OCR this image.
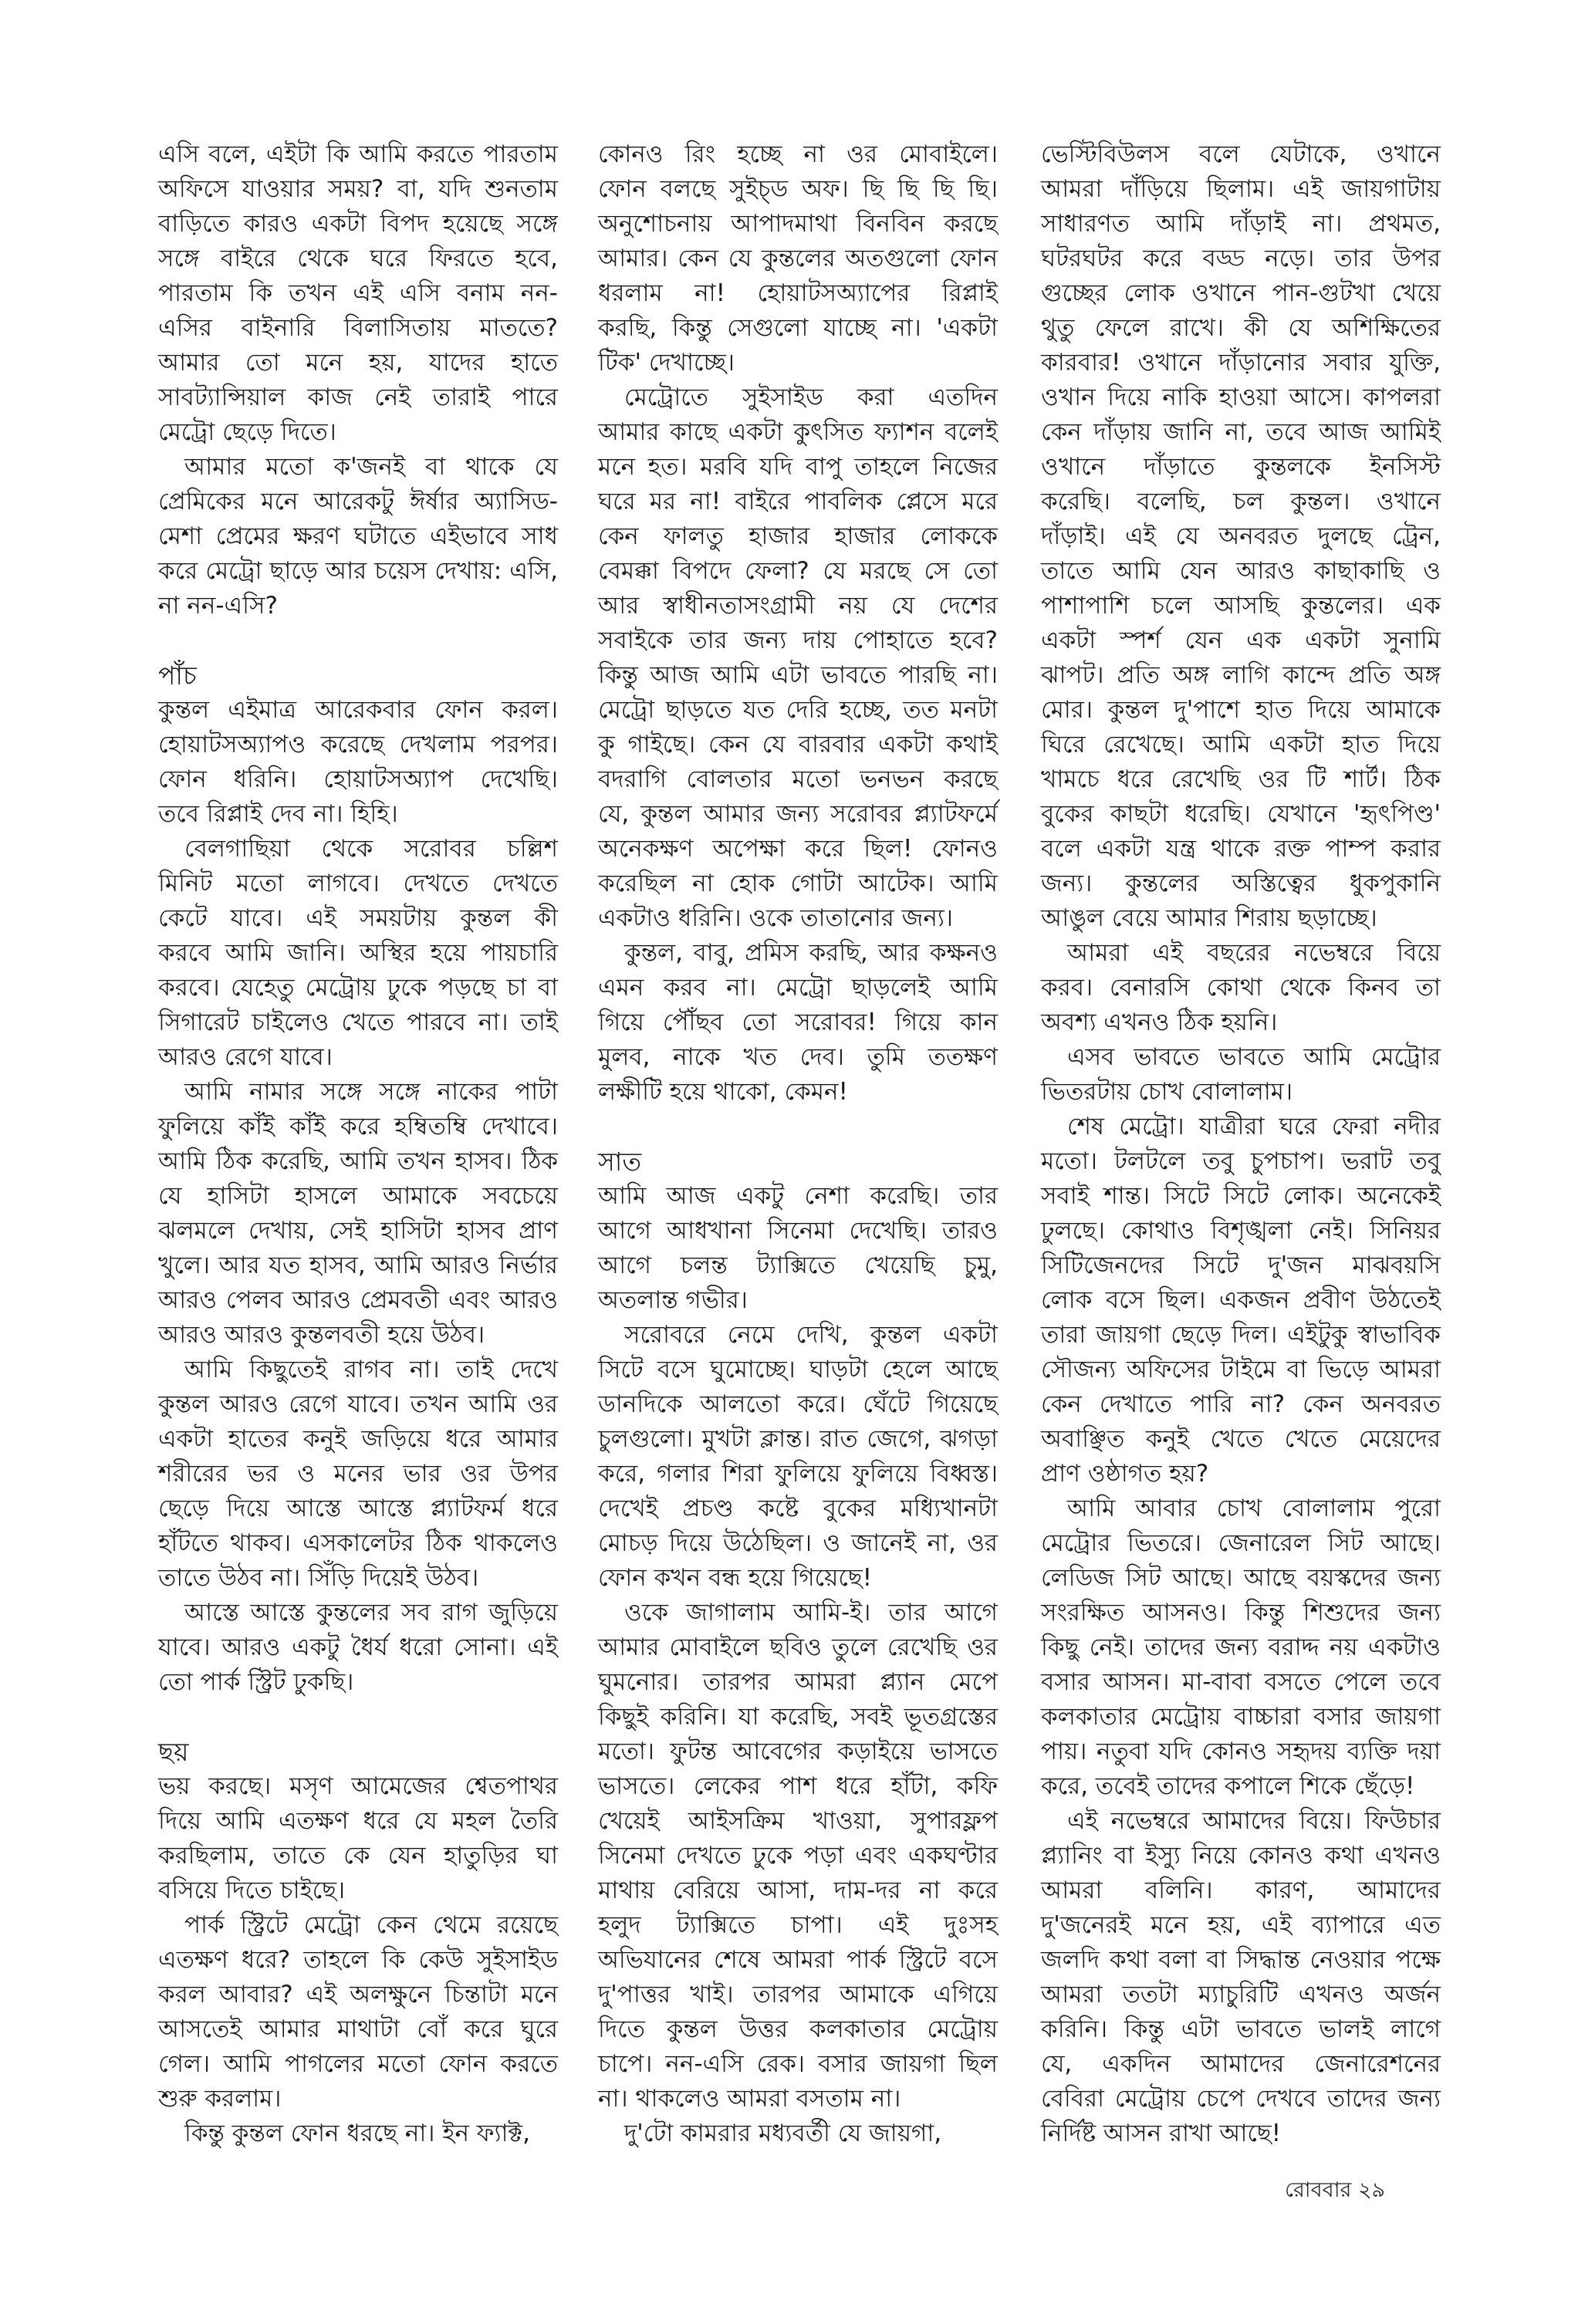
এসি বলে, এইটা কি আমি করতে পারতাম
অফিসে যাওয়ার সময়? বা, যদি শুনতাম
বাড়িতে কারও একটা বিপদ হয়েছে সঙ্গে
সঙ্গে বাইরে থেকে ঘরে ফিরতে হবে,
পারতাম কি তখন এই এসি বনাম নন-
এসির বাইনারি বিলাসিতায় মাততে?
আমার তো মনে হয়, যাদের হাতে
সাবট্যান্সিয়াল কাজ নেই তারাই পারে
মেট্রো ছেড়ে দিতে।
আমার মতো ক'জনই বা থাকে যে
প্রেমিকের মনে আরেকটু ঈর্ষার অ্যাসিড-
মেশা প্রেমের ক্ষরণ ঘটাতে এইভাবে সাধ
করে মেট্রো ছাড়ে আর চয়েস দেখায়: এসি,
না নন-এসি?
পাঁচ
কুন্তল এইমাত্র আরেকবার ফোন করল।
হোয়াটসঅ্যাপও করেছে দেখলাম পরপর।
ফোন ধরিনি। হোয়াটসঅ্যাপ দেখেছি।
তবে রিপ্লাই দেব না। হিহি।
বেলগাছিয়া থেকে সরোবর চল্লিশ
মিনিট মতো লাগবে। দেখতে দেখতে
কেটে যাবে। এই সময়টায় কুন্তল কী
করবে আমি জানি। অস্থির হয়ে পায়চারি
করবে। যেহেতু মেট্রোয় ঢুকে পড়ছে চা বা
সিগারেট চাইলেও খেতে পারবে না। তাই
আরও রেগে যাবে।
আমি নামার সঙ্গে সঙ্গে নাকের পাটা
ফুলিয়ে কাঁই কাঁই করে হম্বিতম্বি দেখাবে।
আমি ঠিক করেছি, আমি তখন হাসব। ঠিক
যে হাসিটা হাসলে আমাকে সবচেয়ে
ঝলমলে দেখায়, সেই হাসিটা হাসব প্রাণ
খুলে। আর যত হাসব, আমি আরও নির্ভার
আরও পেলব আরও প্রেমবতী এবং আরও
আরও আরও কুন্তলবতী হয়ে উঠব।
আমি কিছুতেই রাগব না। তাই দেখে
কুন্তল আরও রেগে যাবে। তখন আমি ওর
একটা হাতের কনুই জড়িয়ে ধরে আমার
শরীরের ভর ও মনের ভার ওর উপর
ছেড়ে দিয়ে আস্তে আস্তে প্ল্যাটফর্ম ধরে
হাঁটতে থাকব। এসকালেটর ঠিক থাকলেও
তাতে উঠব না। সিঁড়ি দিয়েই উঠব।
আস্তে আস্তে কুন্তলের সব রাগ জুড়িয়ে
যাবে। আরও একটু ধৈর্য ধরো সোনা। এই
তো পার্ক স্ট্রিট ঢুকছি।
ছয়
ভয় করছে। মসৃণ আমেজের শ্বেতপাথর
দিয়ে আমি এতক্ষণ ধরে যে মহল তৈরি
করছিলাম, তাতে কে যেন হাতুড়ির ঘা
বসিয়ে দিতে চাইছে।
পার্ক স্ট্রিটে মেট্রো কেন থেমে রয়েছে
এতক্ষণ ধরে? তাহলে কি কেউ সুইসাইড
করল আবার? এই অলক্ষুনে চিন্তাটা মনে
আসতেই আমার মাথাটা বোঁ করে ঘুরে
গেল। আমি পাগলের মতো ফোন করতে
শুরু করলাম।
কিন্তু কুন্তল ফোন ধরছে না। ইন ফ্যাক্ট,
কোনও রিং হচ্ছে না ওর মোবাইলে।
ফোন বলছে সুইচ্ড অফ। ছি ছি ছি ছি।
অনুশোচনায় আপাদমাথা বিনবিন করছে
আমার। কেন যে কুন্তলের অতগুলো ফোন
ধরলাম না! হোয়াটসঅ্যাপের রিপ্লাই
করছি, কিন্তু সেগুলো যাচ্ছে না। 'একটা
টিক' দেখাচ্ছে।
মেট্রোতে সুইসাইড করা এতদিন
আমার কাছে একটা কুৎসিত ফ্যাশন বলেই
মনে হত। মরবি যদি বাপু তাহলে নিজের
ঘরে মর না! বাইরে পাবলিক প্লেসে মরে
কেন ফালতু হাজার হাজার লোককে
বেমক্কা বিপদে ফেলা? যে মরছে সে তো
আর স্বাধীনতাসংগ্রামী নয় যে দেশের
সবাইকে তার জন্য দায় পোহাতে হবে?
কিন্তু আজ আমি এটা ভাবতে পারছি না।
মেট্রো ছাড়তে যত দেরি হচ্ছে, তত মনটা
কু গাইছে। কেন যে বারবার একটা কথাই
বদরাগি বোলতার মতো ভনভন করছে
যে, কুন্তল আমার জন্য সরোবর প্ল্যাটফর্মে
অনেকক্ষণ অপেক্ষা করে ছিল! ফোনও
করেছিল না হোক গোটা আটেক। আমি
একটাও ধরিনি। ওকে তাতানোর জন্য।
কুন্তল, বাবু, প্রমিস করছি, আর কক্ষনও
এমন করব না। মেট্রো ছাড়লেই আমি
গিয়ে পৌঁছব তো সরোবর! গিয়ে কান
মুলব, নাকে খত দেব। তুমি ততক্ষণ
লক্ষীটি হয়ে থাকো, কেমন!
সাত
আমি আজ একটু নেশা করেছি। তার
আগে আধখানা সিনেমা দেখেছি। তারও
আগে চলন্ত ট্যাক্সিতে খেয়েছি চুমু,
অতলান্ত গভীর।
সরোবরে নেমে দেখি, কুন্তল একটা
সিটে বসে ঘুমোচ্ছে। ঘাড়টা হেলে আছে
ডানদিকে আলতো করে। ঘেঁটে গিয়েছে
চুলগুলো। মুখটা ক্লান্ত। রাত জেগে, ঝগড়া
করে, গলার শিরা ফুলিয়ে ফুলিয়ে বিধ্বস্ত।
দেখেই প্রচণ্ড কষ্টে বুকের মধ্যিখানটা
মোচড় দিয়ে উঠেছিল। ও জানেই না, ওর
ফোন কখন বন্ধ হয়ে গিয়েছে!
ওকে জাগালাম আমি-ই। তার আগে
আমার মোবাইলে ছবিও তুলে রেখেছি ওর
ঘুমনোর। তারপর আমরা প্ল্যান মেপে
কিছুই করিনি। যা করেছি, সবই ভূতগ্রস্তের
মতো। ফুটন্ত আবেগের কড়াইয়ে ভাসতে
ভাসতে। লেকের পাশ ধরে হাঁটা, কফি
খেয়েই আইসক্রিম খাওয়া, সুপারফ্লপ
সিনেমা দেখতে ঢুকে পড়া এবং একঘণ্টার
মাথায় বেরিয়ে আসা, দাম-দর না করে
হলুদ ট্যাক্সিতে চাপা। এই দুঃসহ
অভিযানের শেষে আমরা পার্ক স্ট্রিটে বসে
দু'পাত্তর খাই। তারপর আমাকে এগিয়ে
দিতে কুন্তল উত্তর কলকাতার মেট্রোয়
চাপে। নন-এসি রেক। বসার জায়গা ছিল
না। থাকলেও আমরা বসতাম না।
দু'টো কামরার মধ্যবর্তী যে জায়গা,
ভেস্টিবিউলস বলে যেটাকে, ওখানে
আমরা দাঁড়িয়ে ছিলাম। এই জায়গাটায়
সাধারণত আমি দাঁড়াই না। প্রথমত,
ঘটরঘটর করে বড্ড নড়ে। তার উপর
গুচ্ছের লোক ওখানে পান-গুটখা খেয়ে
থুতু ফেলে রাখে। কী যে অশিক্ষিতের
কারবার! ওখানে দাঁড়ানোর সবার যুক্তি,
ওখান দিয়ে নাকি হাওয়া আসে। কাপলরা
কেন দাঁড়ায় জানি না, তবে আজ আমিই
ওখানে দাঁড়াতে কুন্তলকে ইনসিস্ট
করেছি। বলেছি, চল কুন্তল। ওখানে
দাঁড়াই। এই যে অনবরত দুলছে ট্রেন,
তাতে আমি যেন আরও কাছাকাছি ও
পাশাপাশি চলে আসছি কুন্তলের। এক
একটা স্পর্শ যেন এক একটা সুনামি
ঝাপট। প্রতি অঙ্গ লাগি কান্দে প্রতি অঙ্গ
মোর। কুন্তল দু'পাশে হাত দিয়ে আমাকে
ঘিরে রেখেছে। আমি একটা হাত দিয়ে
খামচে ধরে রেখেছি ওর টি শার্ট। ঠিক
বুকের কাছটা ধরেছি। যেখানে 'হৃৎপিণ্ড'
বলে একটা যন্ত্র থাকে রক্ত পাম্প করার
জন্য। কুন্তলের অস্তিত্বের ধুকপুকানি
আঙুল বেয়ে আমার শিরায় ছড়াচ্ছে।
আমরা এই বছরের নভেম্বরে বিয়ে
করব। বেনারসি কোথা থেকে কিনব তা
অবশ্য এখনও ঠিক হয়নি।
এসব ভাবতে ভাবতে আমি মেট্রোর
ভিতরটায় চোখ বোলালাম।
শেষ মেট্রো। যাত্রীরা ঘরে ফেরা নদীর
মতো। টলটলে তবু চুপচাপ। ভরাট তবু
সবাই শান্ত। সিটে সিটে লোক। অনেকেই
ঢুলছে। কোথাও বিশৃঙ্খলা নেই। সিনিয়র
সিটিজেনদের সিটে দু'জন মাঝবয়সি
লোক বসে ছিল। একজন প্রবীণ উঠতেই
তারা জায়গা ছেড়ে দিল। এইটুকু স্বাভাবিক
সৌজন্য অফিসের টাইমে বা ভিড়ে আমরা
কেন দেখাতে পারি না? কেন অনবরত
অবাঞ্ছিত কনুই খেতে খেতে মেয়েদের
প্রাণ ওষ্ঠাগত হয়?
আমি আবার চোখ বোলালাম পুরো
মেট্রোর ভিতরে। জেনারেল সিট আছে।
লেডিজ সিট আছে। আছে বয়স্কদের জন্য
সংরক্ষিত আসনও। কিন্তু শিশুদের জন্য
কিছু নেই। তাদের জন্য বরাদ্দ নয় একটাও
বসার আসন। মা-বাবা বসতে পেলে তবে
কলকাতার মেট্রোয় বাচ্চারা বসার জায়গা
পায়। নতুবা যদি কোনও সহৃদয় ব্যক্তি দয়া
করে, তবেই তাদের কপালে শিকে ছেঁড়ে!
এই নভেম্বরে আমাদের বিয়ে। ফিউচার
প্ল্যানিং বা ইস্যু নিয়ে কোনও কথা এখনও
আমরা বলিনি। কারণ, আমাদের
দু'জনেরই মনে হয়, এই ব্যাপারে এত
জলদি কথা বলা বা সিদ্ধান্ত নেওয়ার পক্ষে
আমরা ততটা ম্যাচুরিটি এখনও অর্জন
করিনি। কিন্তু এটা ভাবতে ভালই লাগে
যে, একদিন আমাদের জেনারেশনের
বেবিরা মেট্রোয় চেপে দেখবে তাদের জন্য
নির্দিষ্ট আসন রাখা আছে!
রোববার ২৯
